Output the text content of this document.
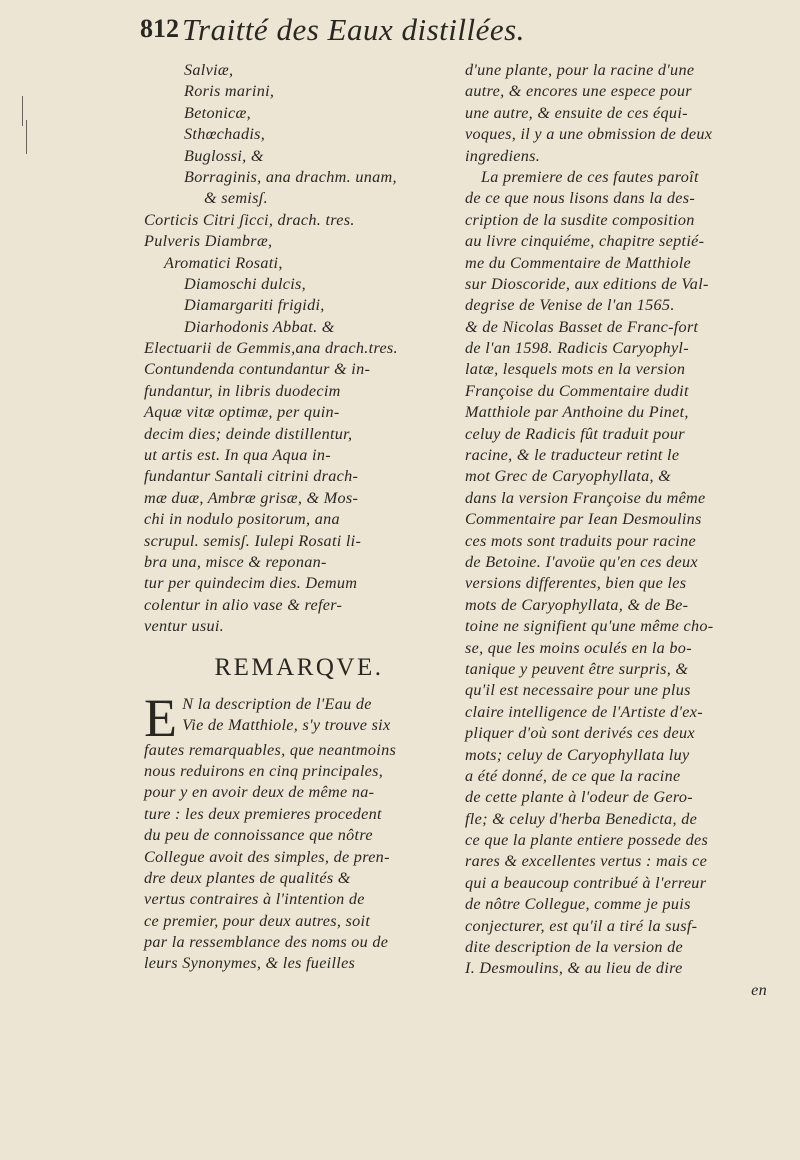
812 Traitté des Eaux distillées.
Salviæ,
Roris marini,
Betonicæ,
Sthœchadis,
Buglossi, &
Borraginis, ana drachm. unam,
& semisʃ.
Corticis Citri ʃicci, drach. tres.
Pulveris Diambræ,
Aromatici Rosati,
Diamoschi dulcis,
Diamargariti frigidi,
Diarhodonis Abbat. &
Electuarii de Gemmis,ana drach.tres.
Contundenda contundantur & in-
fundantur, in libris duodecim
Aquæ vitæ optimæ, per quin-
decim dies; deinde distillentur,
ut artis est. In qua Aqua in-
fundantur Santali citrini drach-
mæ duæ, Ambræ grisæ, & Mos-
chi in nodulo positorum, ana
scrupul. semisʃ. Iulepi Rosati li-
bra una, misce & reponan-
tur per quindecim dies. Demum
colentur in alio vase & refer-
ventur usui.
REMARQVE.
E N la description de l'Eau de
Vie de Matthiole, s'y trouve six
fautes remarquables, que neantmoins
nous reduirons en cinq principales,
pour y en avoir deux de même na-
ture : les deux premieres procedent
du peu de connoissance que nôtre
Collegue avoit des simples, de pren-
dre deux plantes de qualités &
vertus contraires à l'intention de
ce premier, pour deux autres, soit
par la ressemblance des noms ou de
leurs Synonymes, & les fueilles
d'une plante, pour la racine d'une
autre, & encores une espece pour
une autre, & ensuite de ces équi-
voques, il y a une obmission de deux
ingrediens.
La premiere de ces fautes paroît
de ce que nous lisons dans la des-
cription de la susdite composition
au livre cinquiéme, chapitre septié-
me du Commentaire de Matthiole
sur Dioscoride, aux editions de Val-
degrise de Venise de l'an 1565.
& de Nicolas Basset de Franc-fort
de l'an 1598. Radicis Caryophyl-
latæ, lesquels mots en la version
Françoise du Commentaire dudit
Matthiole par Anthoine du Pinet,
celuy de Radicis fût traduit pour
racine, & le traducteur retint le
mot Grec de Caryophyllata, &
dans la version Françoise du même
Commentaire par Iean Desmoulins
ces mots sont traduits pour racine
de Betoine. I'avoüe qu'en ces deux
versions differentes, bien que les
mots de Caryophyllata, & de Be-
toine ne signifient qu'une même cho-
se, que les moins oculés en la bo-
tanique y peuvent être surpris, &
qu'il est necessaire pour une plus
claire intelligence de l'Artiste d'ex-
pliquer d'où sont derivés ces deux
mots; celuy de Caryophyllata luy
a été donné, de ce que la racine
de cette plante à l'odeur de Gero-
fle; & celuy d'herba Benedicta, de
ce que la plante entiere possede des
rares & excellentes vertus : mais ce
qui a beaucoup contribué à l'erreur
de nôtre Collegue, comme je puis
conjecturer, est qu'il a tiré la susf-
dite description de la version de
I. Desmoulins, & au lieu de dire
en
